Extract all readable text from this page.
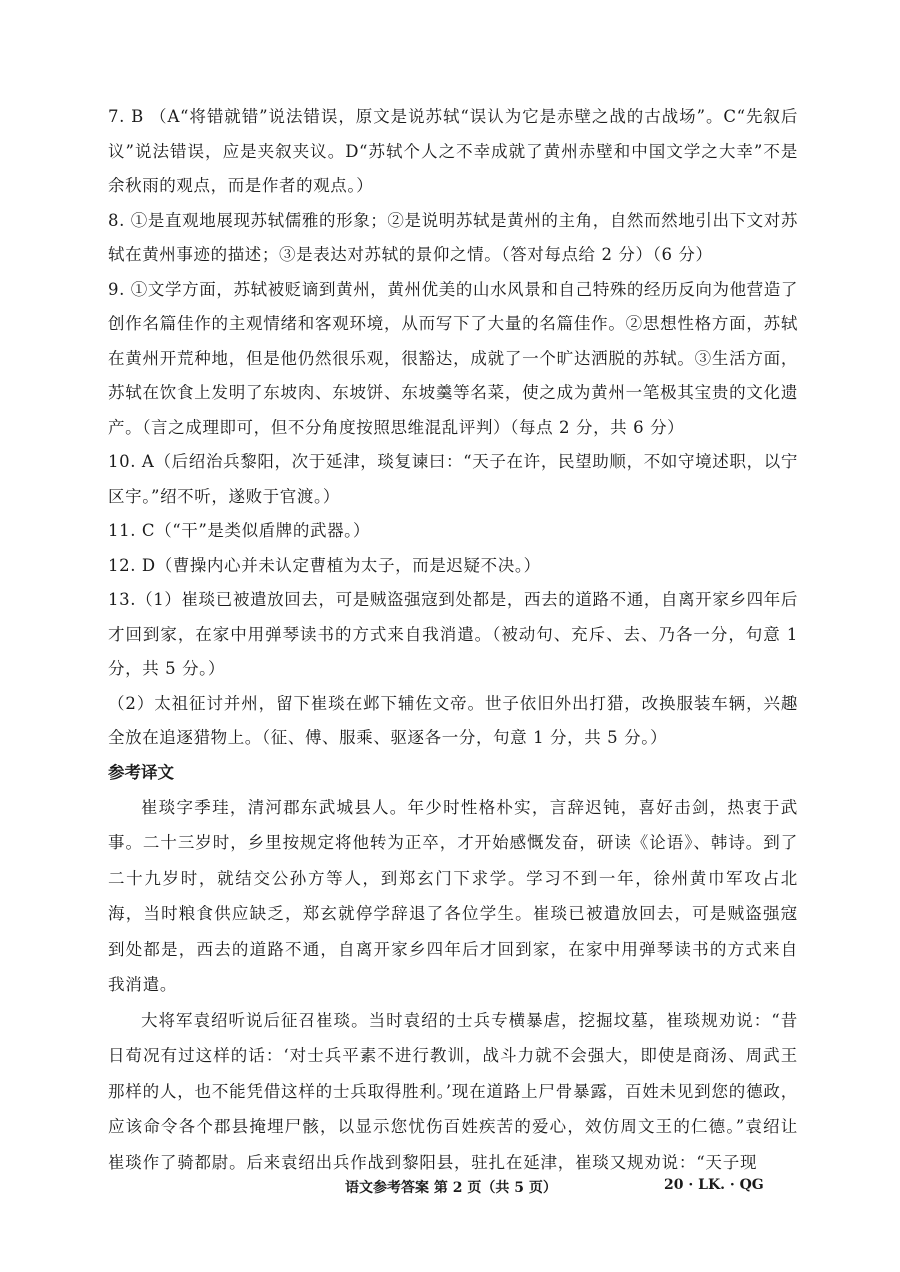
7. B （A“将错就错”说法错误，原文是说苏轼“误认为它是赤壁之战的古战场”。C“先叙后议”说法错误，应是夹叙夹议。D“苏轼个人之不幸成就了黄州赤壁和中国文学之大幸”不是余秋雨的观点，而是作者的观点。）

8. ①是直观地展现苏轼儒雅的形象；②是说明苏轼是黄州的主角，自然而然地引出下文对苏轼在黄州事迹的描述；③是表达对苏轼的景仰之情。（答对每点给 2 分）（6 分）

9. ①文学方面，苏轼被贬谪到黄州，黄州优美的山水风景和自己特殊的经历反向为他营造了创作名篇佳作的主观情绪和客观环境，从而写下了大量的名篇佳作。②思想性格方面，苏轼在黄州开荒种地，但是他仍然很乐观，很豁达，成就了一个旷达洒脱的苏轼。③生活方面，苏轼在饮食上发明了东坡肉、东坡饼、东坡羹等名菜，使之成为黄州一笔极其宝贵的文化遗产。（言之成理即可，但不分角度按照思维混乱评判）（每点 2 分，共 6 分）

10. A（后绍治兵黎阳，次于延津，琰复谏曰：“天子在许，民望助顺，不如守境述职，以宁区宇。”绍不听，遂败于官渡。）

11. C（“干”是类似盾牌的武器。）

12. D（曹操内心并未认定曹植为太子，而是迟疑不决。）

13.（1）崔琰已被遣放回去，可是贼盗强寇到处都是，西去的道路不通，自离开家乡四年后才回到家，在家中用弹琴读书的方式来自我消遣。（被动句、充斥、去、乃各一分，句意 1 分，共 5 分。）

（2）太祖征讨并州，留下崔琰在邺下辅佐文帝。世子依旧外出打猎，改换服装车辆，兴趣全放在追逐猎物上。（征、傅、服乘、驱逐各一分，句意 1 分，共 5 分。）

参考译文

崔琰字季珪，清河郡东武城县人。年少时性格朴实，言辞迟钝，喜好击剑，热衷于武事。二十三岁时，乡里按规定将他转为正卒，才开始感慨发奋，研读《论语》、韩诗。到了二十九岁时，就结交公孙方等人，到郑玄门下求学。学习不到一年，徐州黄巾军攻占北海，当时粮食供应缺乏，郑玄就停学辞退了各位学生。崔琰已被遣放回去，可是贼盗强寇到处都是，西去的道路不通，自离开家乡四年后才回到家，在家中用弹琴读书的方式来自我消遣。

大将军袁绍听说后征召崔琰。当时袁绍的士兵专横暴虐，挖掘坟墓，崔琰规劝说：“昔日荀况有过这样的话：‘对士兵平素不进行教训，战斗力就不会强大，即使是商汤、周武王那样的人，也不能凭借这样的士兵取得胜利。’现在道路上尸骨暴露，百姓未见到您的德政，应该命令各个郡县掩埋尸骸，以显示您忧伤百姓疾苦的爱心，效仿周文王的仁德。”袁绍让崔琰作了骑都尉。后来袁绍出兵作战到黎阳县，驻扎在延津，崔琰又规劝说：“天子现

语文参考答案 第 2 页（共 5 页）	20 · LK. · QG
